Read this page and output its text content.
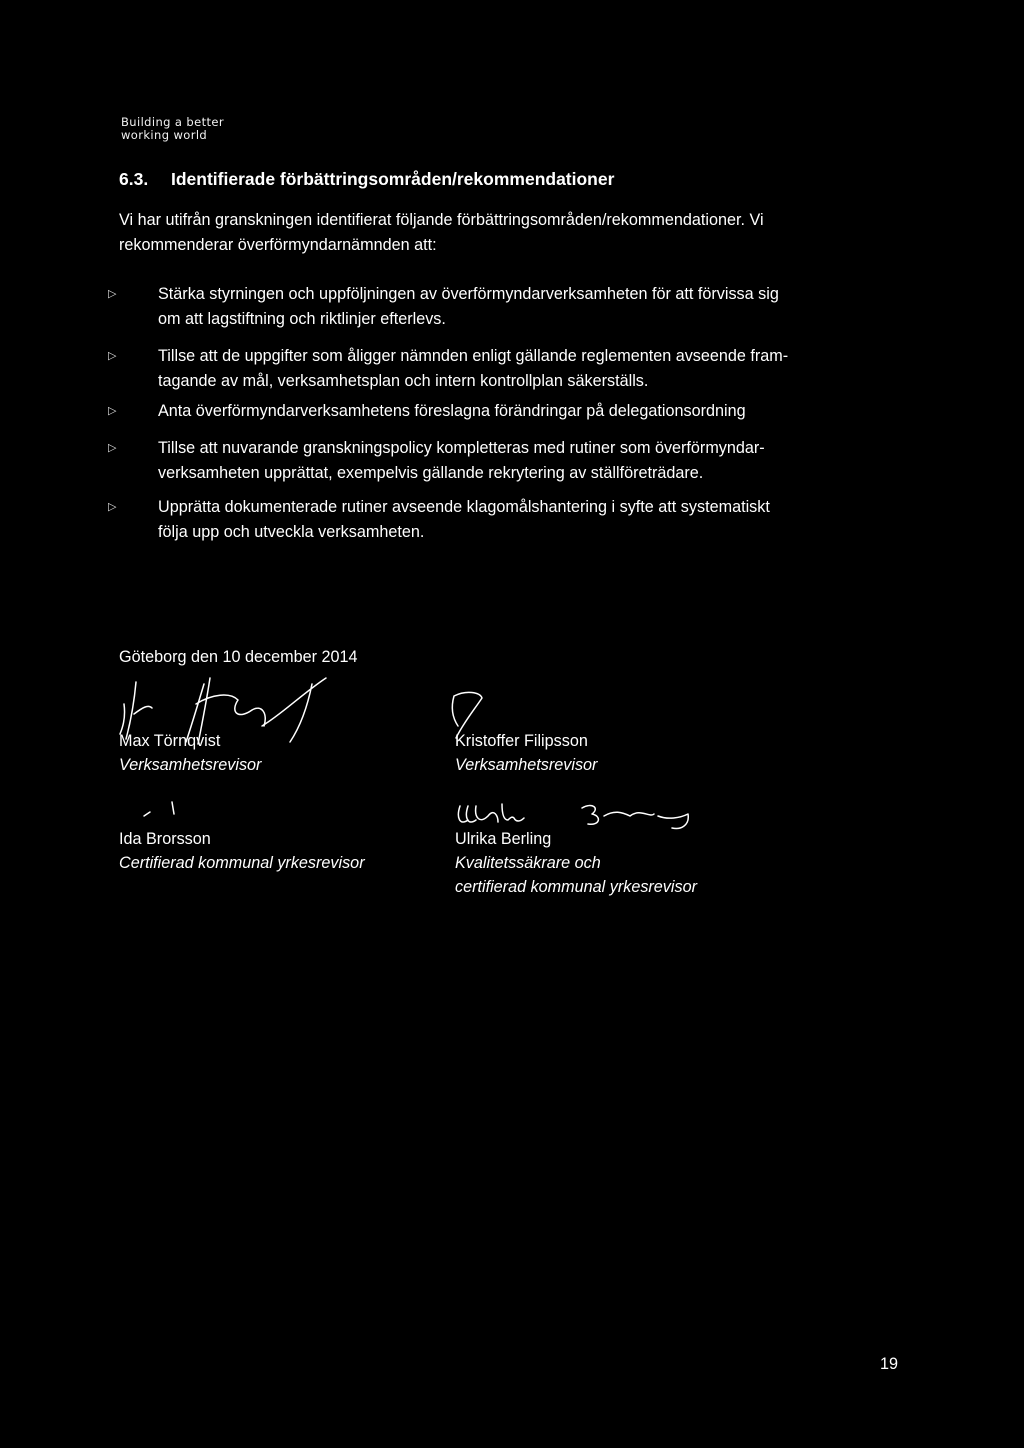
Building a better
working world
6.3. Identifierade förbättringsområden/rekommendationer
Vi har utifrån granskningen identifierat följande förbättringsområden/rekommendationer. Vi
rekommenderar överförmyndarnämnden att:
▷	Stärka styrningen och uppföljningen av överförmyndarverksamheten för att förvissa sig
om att lagstiftning och riktlinjer efterlevs.
▷	Tillse att de uppgifter som åligger nämnden enligt gällande reglementen avseende fram-
tagande av mål, verksamhetsplan och intern kontrollplan säkerställs.
▷	Anta överförmyndarverksamhetens föreslagna förändringar på delegationsordning
▷	Tillse att nuvarande granskningspolicy kompletteras med rutiner som överförmyndar-
verksamheten upprättat, exempelvis gällande rekrytering av ställföreträdare.
▷	Upprätta dokumenterade rutiner avseende klagomålshantering i syfte att systematiskt
följa upp och utveckla verksamheten.
Göteborg den 10 december 2014
Max Törnqvist
Verksamhetsrevisor
Kristoffer Filipsson
Verksamhetsrevisor
Ida Brorsson
Certifierad kommunal yrkesrevisor
Ulrika Berling
Kvalitetssäkrare och
certifierad kommunal yrkesrevisor
19
